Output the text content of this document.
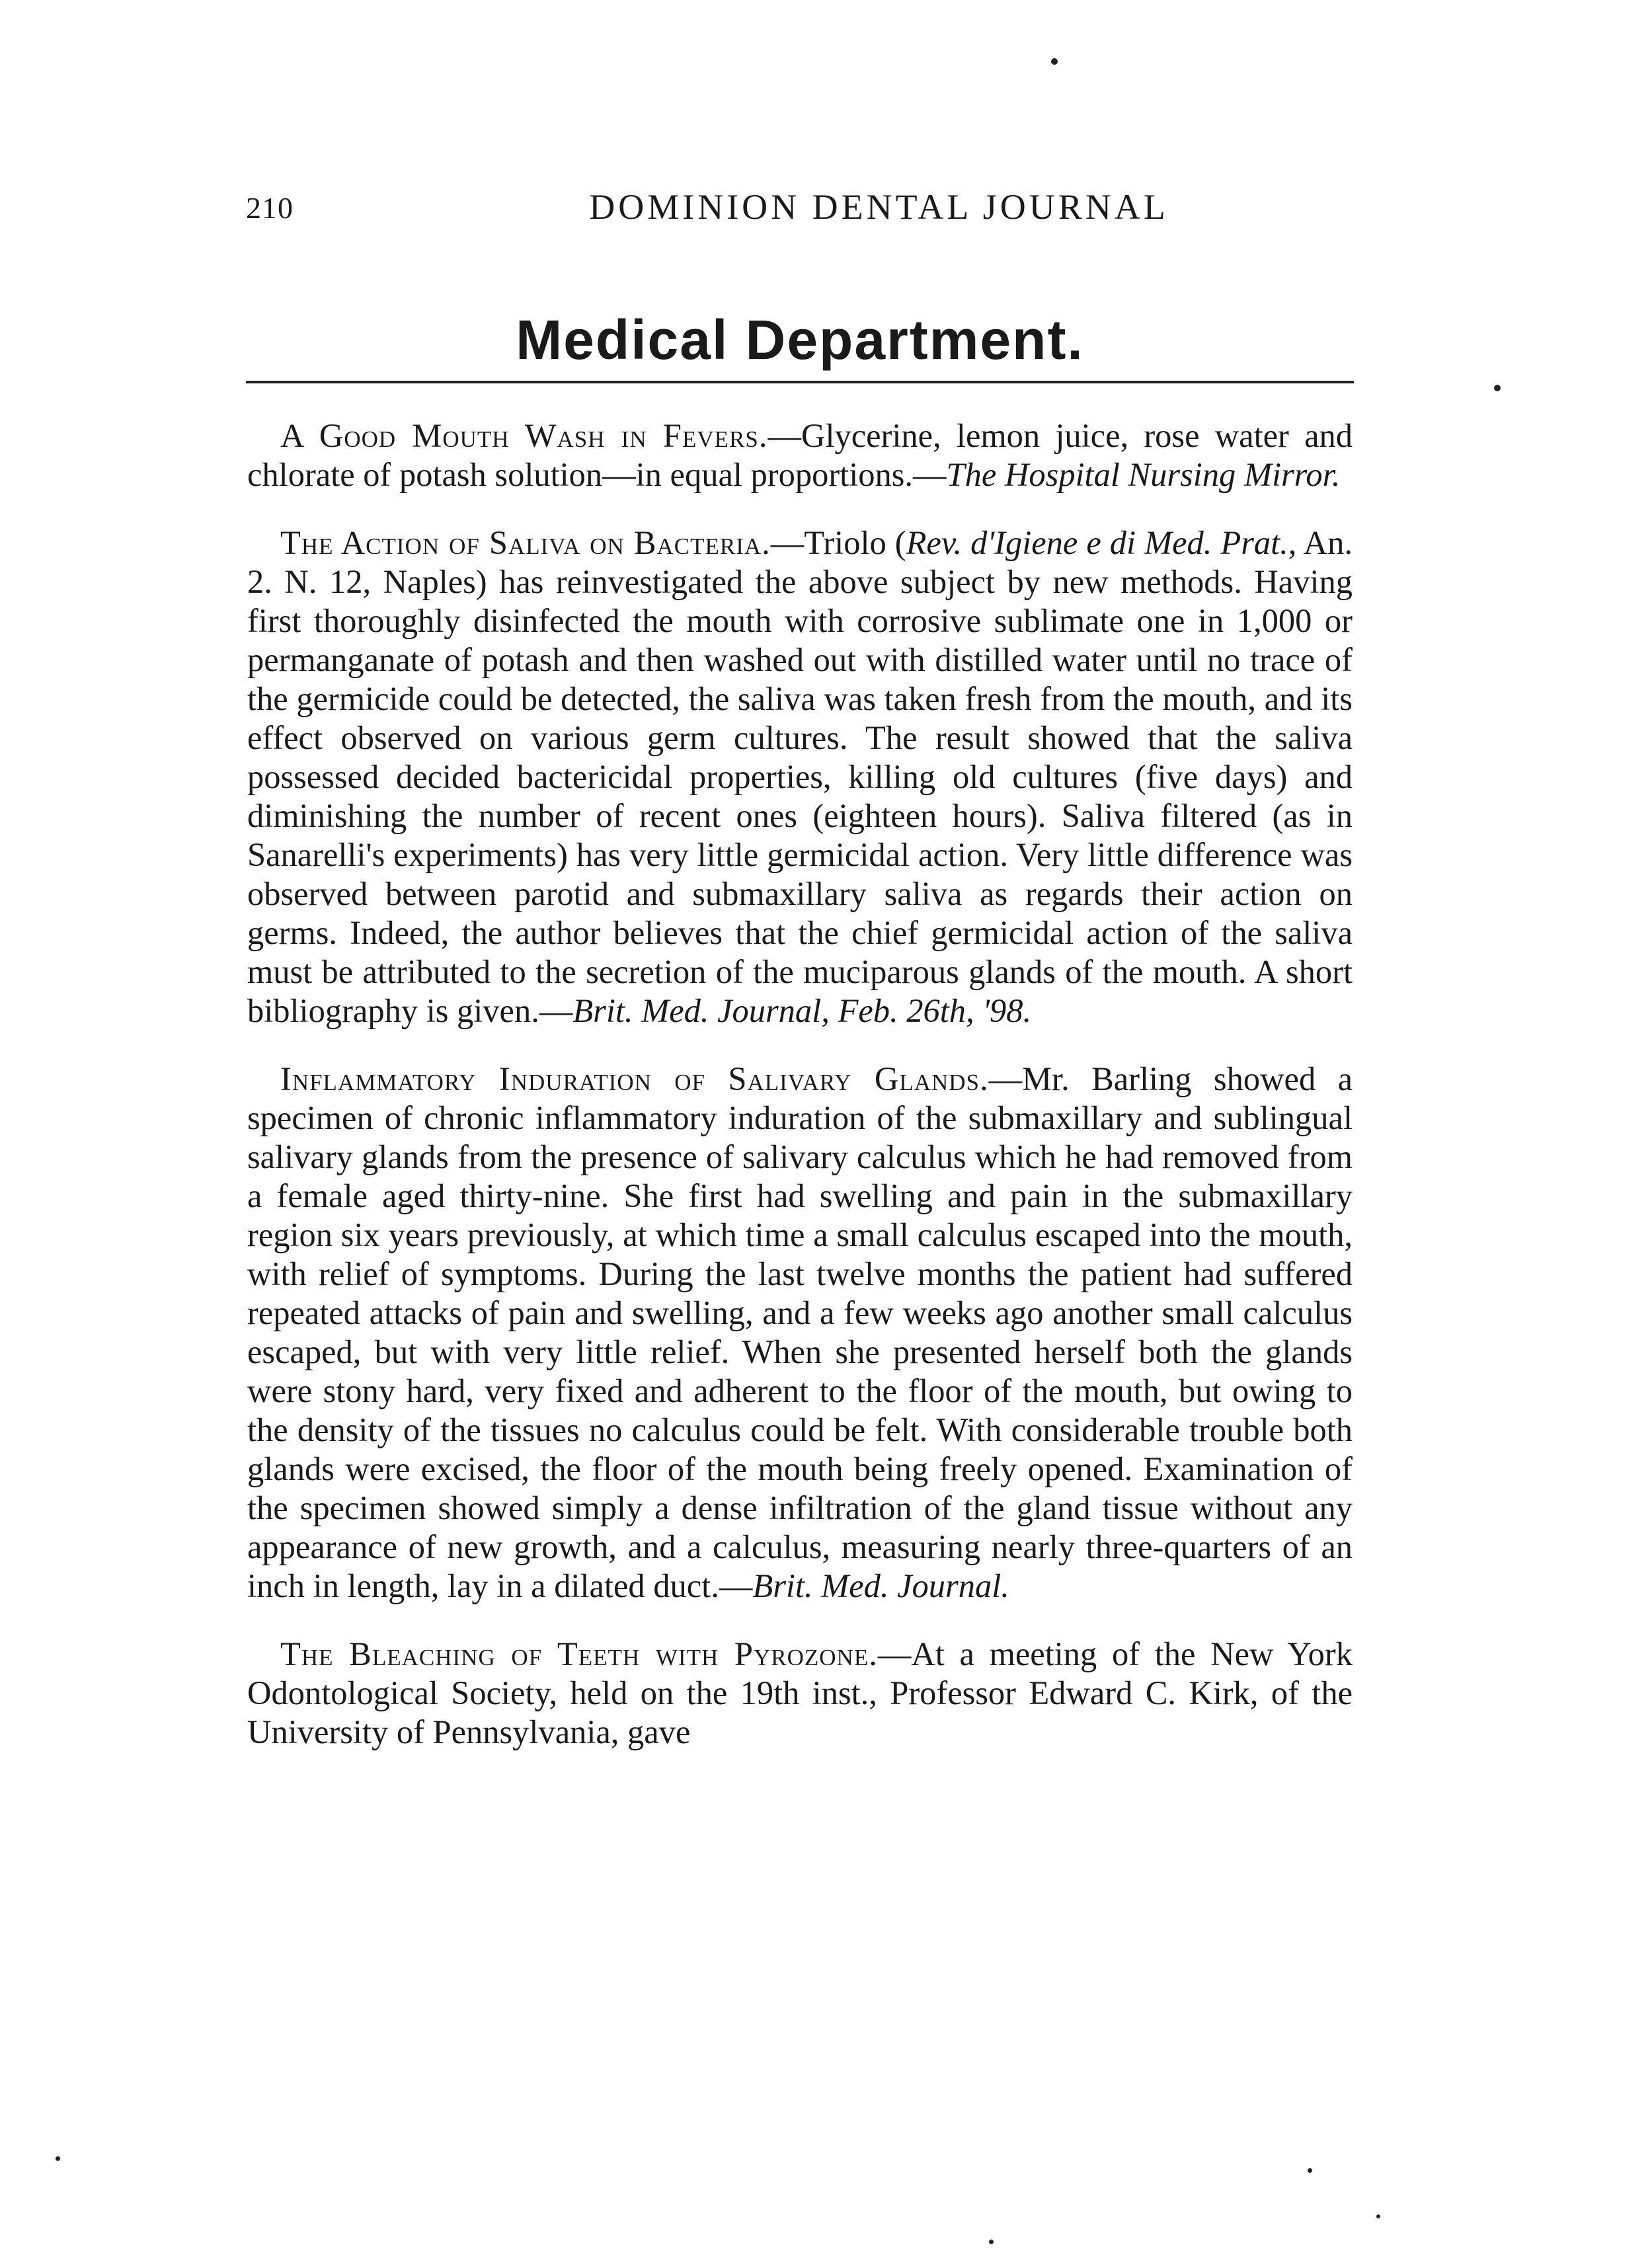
210	DOMINION DENTAL JOURNAL
Medical Department.

A Good Mouth Wash in Fevers.—Glycerine, lemon juice, rose water and chlorate of potash solution—in equal proportions.—The Hospital Nursing Mirror.

The Action of Saliva on Bacteria.—Triolo (Rev. d'Igiene e di Med. Prat., An. 2. N. 12, Naples) has reinvestigated the above subject by new methods. Having first thoroughly disinfected the mouth with corrosive sublimate one in 1,000 or permanganate of potash and then washed out with distilled water until no trace of the germicide could be detected, the saliva was taken fresh from the mouth, and its effect observed on various germ cultures. The result showed that the saliva possessed decided bactericidal properties, killing old cultures (five days) and diminishing the number of recent ones (eighteen hours). Saliva filtered (as in Sanarelli's experiments) has very little germicidal action. Very little difference was observed between parotid and submaxillary saliva as regards their action on germs. Indeed, the author believes that the chief germicidal action of the saliva must be attributed to the secretion of the muciparous glands of the mouth. A short bibliography is given.—Brit. Med. Journal, Feb. 26th, '98.

Inflammatory Induration of Salivary Glands.—Mr. Barling showed a specimen of chronic inflammatory induration of the submaxillary and sublingual salivary glands from the presence of salivary calculus which he had removed from a female aged thirty-nine. She first had swelling and pain in the submaxillary region six years previously, at which time a small calculus escaped into the mouth, with relief of symptoms. During the last twelve months the patient had suffered repeated attacks of pain and swelling, and a few weeks ago another small calculus escaped, but with very little relief. When she presented herself both the glands were stony hard, very fixed and adherent to the floor of the mouth, but owing to the density of the tissues no calculus could be felt. With considerable trouble both glands were excised, the floor of the mouth being freely opened. Examination of the specimen showed simply a dense infiltration of the gland tissue without any appearance of new growth, and a calculus, measuring nearly three-quarters of an inch in length, lay in a dilated duct.—Brit. Med. Journal.

The Bleaching of Teeth with Pyrozone.—At a meeting of the New York Odontological Society, held on the 19th inst., Professor Edward C. Kirk, of the University of Pennsylvania, gave
